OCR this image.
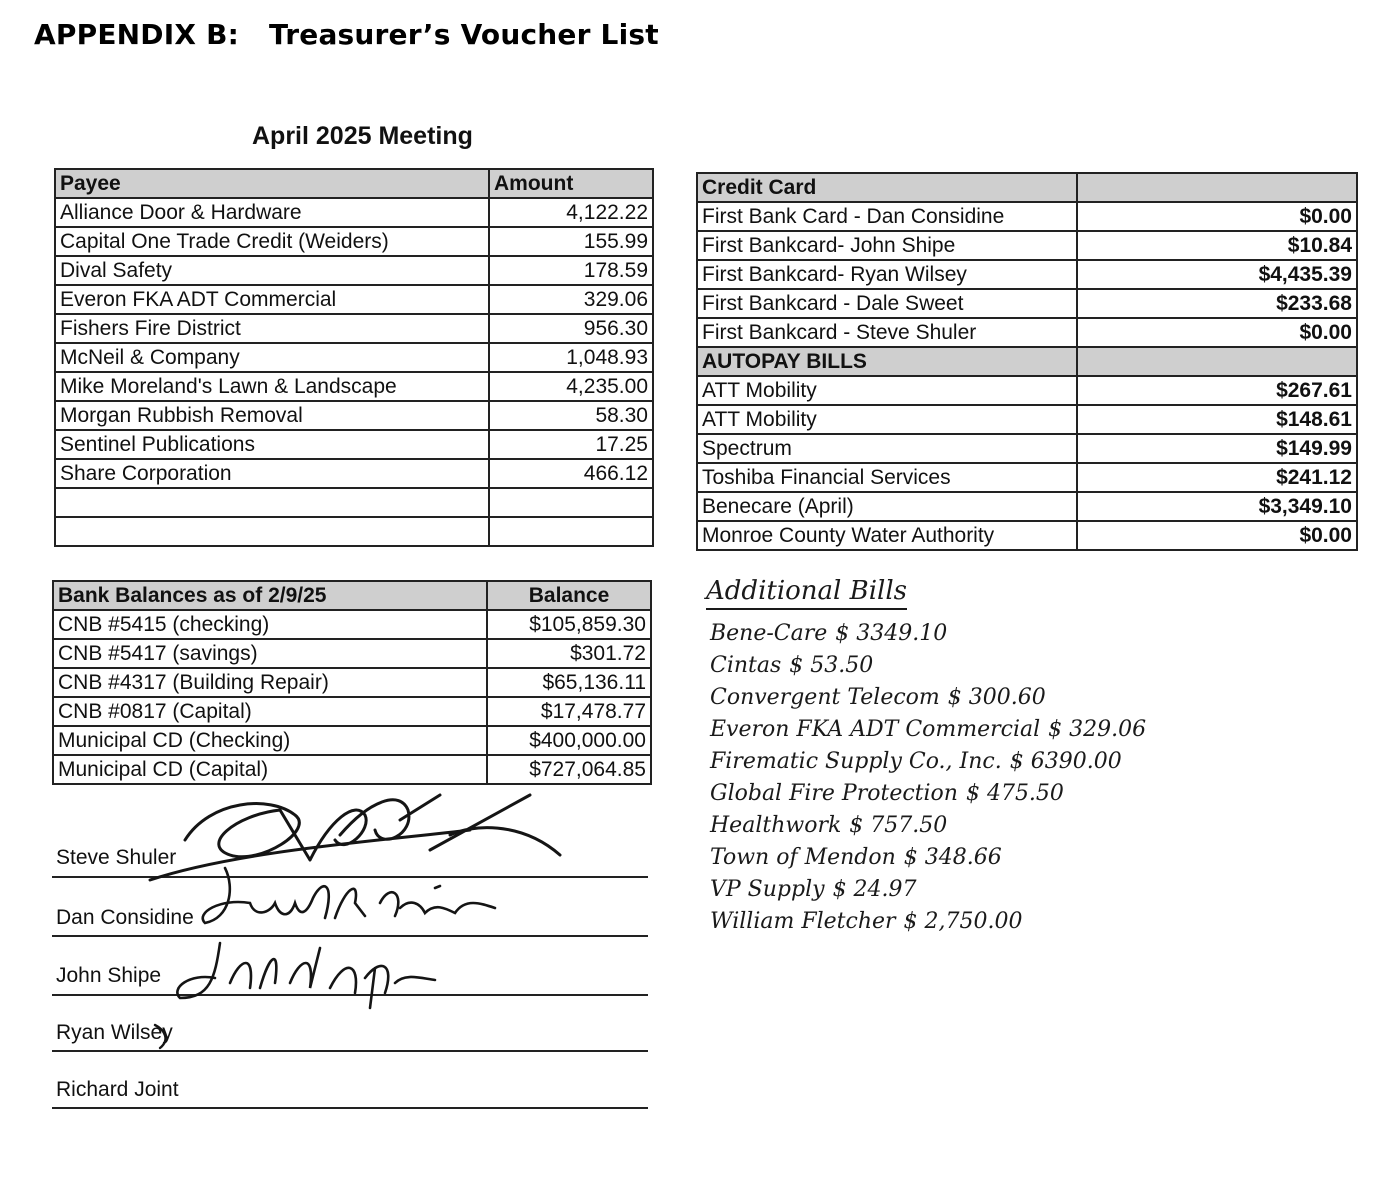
APPENDIX B: Treasurer’s Voucher List
April 2025 Meeting
Payee	Amount
Alliance Door & Hardware	4,122.22
Capital One Trade Credit (Weiders)	155.99
Dival Safety	178.59
Everon FKA ADT Commercial	329.06
Fishers Fire District	956.30
McNeil & Company	1,048.93
Mike Moreland's Lawn & Landscape	4,235.00
Morgan Rubbish Removal	58.30
Sentinel Publications	17.25
Share Corporation	466.12

Credit Card	
First Bank Card - Dan Considine	$0.00
First Bankcard- John Shipe	$10.84
First Bankcard- Ryan Wilsey	$4,435.39
First Bankcard - Dale Sweet	$233.68
First Bankcard - Steve Shuler	$0.00
AUTOPAY BILLS	
ATT Mobility	$267.61
ATT Mobility	$148.61
Spectrum	$149.99
Toshiba Financial Services	$241.12
Benecare (April)	$3,349.10
Monroe County Water Authority	$0.00
Bank Balances as of 2/9/25	Balance
CNB #5415 (checking)	$105,859.30
CNB #5417 (savings)	$301.72
CNB #4317 (Building Repair)	$65,136.11
CNB #0817 (Capital)	$17,478.77
Municipal CD (Checking)	$400,000.00
Municipal CD (Capital)	$727,064.85
Additional Bills
Bene-Care $ 3349.10
Cintas $ 53.50
Convergent Telecom $ 300.60
Everon FKA ADT Commercial $ 329.06
Firematic Supply Co., Inc. $ 6390.00
Global Fire Protection $ 475.50
Healthwork $ 757.50
Town of Mendon $ 348.66
VP Supply $ 24.97
William Fletcher $ 2,750.00
Steve Shuler
Dan Considine
John Shipe
Ryan Wilsey
Richard Joint
